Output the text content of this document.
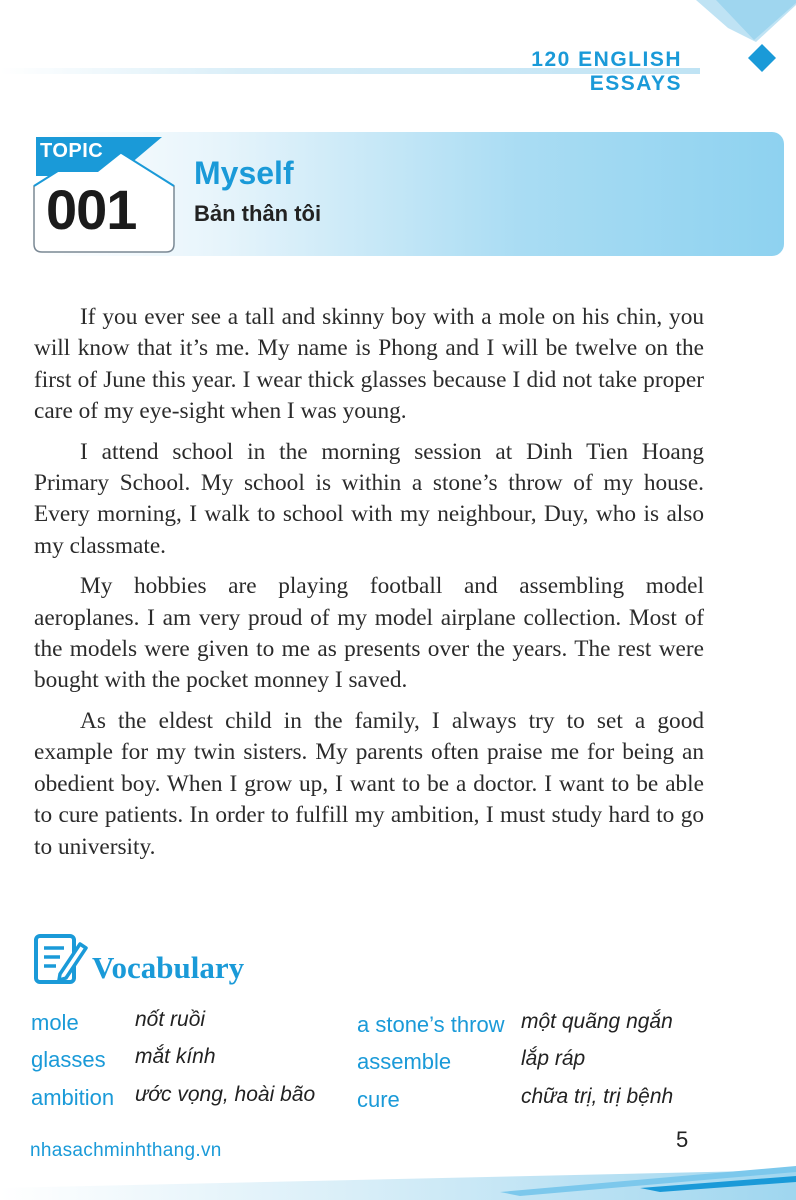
120 ENGLISH ESSAYS
TOPIC
001
Myself
Bản thân tôi

If you ever see a tall and skinny boy with a mole on his chin, you will know that it’s me. My name is Phong and I will be twelve on the first of June this year. I wear thick glasses because I did not take proper care of my eye-sight when I was young.

I attend school in the morning session at Dinh Tien Hoang Primary School. My school is within a stone’s throw of my house. Every morning, I walk to school with my neighbour, Duy, who is also my classmate.

My hobbies are playing football and assembling model aeroplanes. I am very proud of my model airplane collection. Most of the models were given to me as presents over the years. The rest were bought with the pocket monney I saved.

As the eldest child in the family, I always try to set a good example for my twin sisters. My parents often praise me for being an obedient boy. When I grow up, I want to be a doctor. I want to be able to cure patients. In order to fulfill my ambition, I must study hard to go to university.

Vocabulary
mole	nốt ruồi
glasses mắt kính
ambition ước vọng, hoài bão
a stone’s throw một quãng ngắn
assemble	lắp ráp
cure	chữa trị, trị bệnh
nhasachminhthang.vn	5
